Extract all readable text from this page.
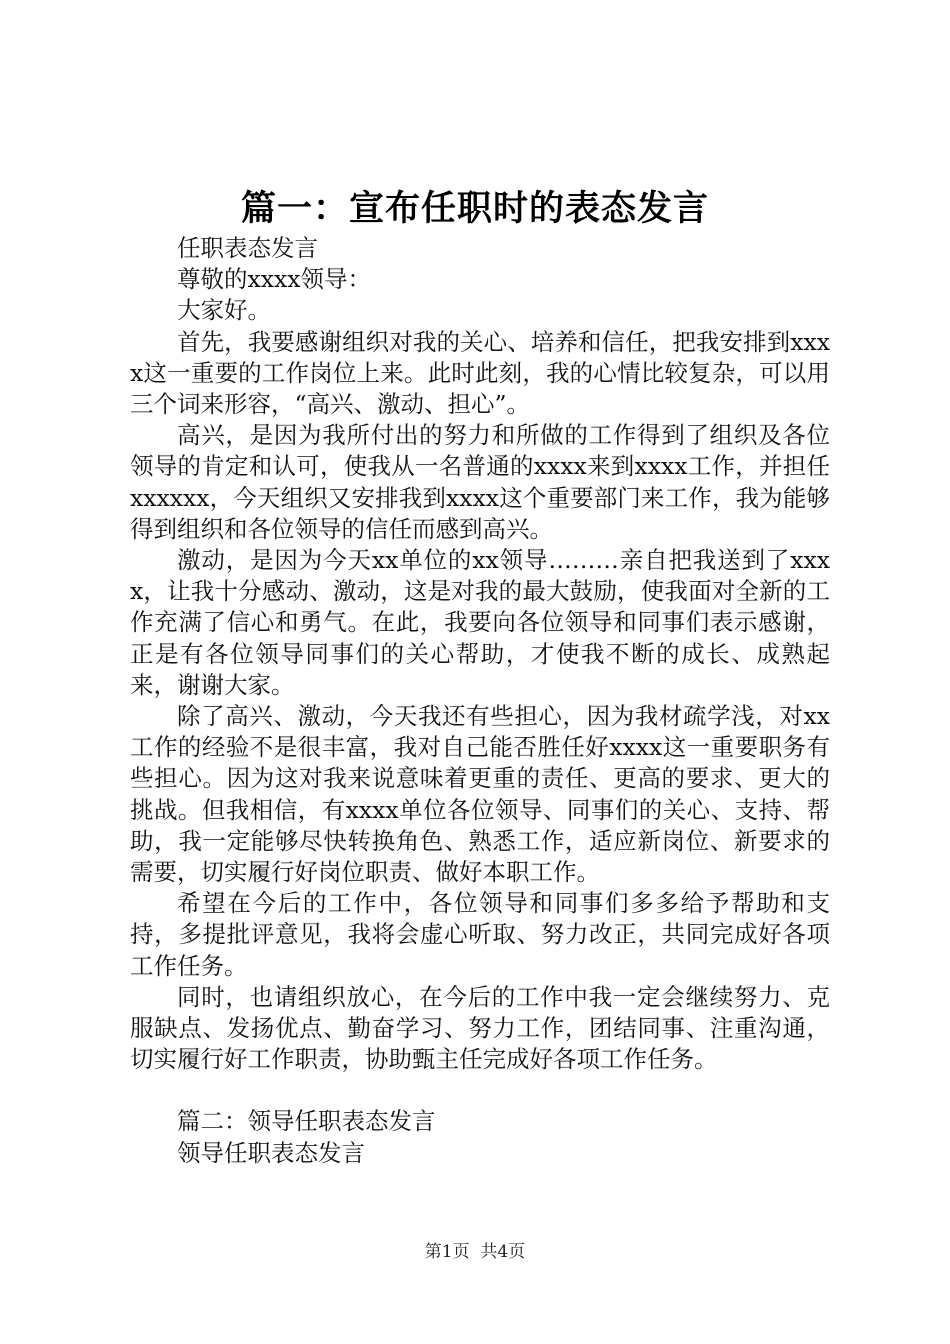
篇一：宣布任职时的表态发言

任职表态发言

尊敬的xxxx领导：

大家好。

首先，我要感谢组织对我的关心、培养和信任，把我安排到xxxx这一重要的工作岗位上来。此时此刻，我的心情比较复杂，可以用三个词来形容，“高兴、激动、担心”。

高兴，是因为我所付出的努力和所做的工作得到了组织及各位领导的肯定和认可，使我从一名普通的xxxx来到xxxx工作，并担任xxxxxx，今天组织又安排我到xxxx这个重要部门来工作，我为能够得到组织和各位领导的信任而感到高兴。

激动，是因为今天xx单位的xx领导………亲自把我送到了xxxx，让我十分感动、激动，这是对我的最大鼓励，使我面对全新的工作充满了信心和勇气。在此，我要向各位领导和同事们表示感谢，正是有各位领导同事们的关心帮助，才使我不断的成长、成熟起来，谢谢大家。

除了高兴、激动，今天我还有些担心，因为我材疏学浅，对xx工作的经验不是很丰富，我对自己能否胜任好xxxx这一重要职务有些担心。因为这对我来说意味着更重的责任、更高的要求、更大的挑战。但我相信，有xxxx单位各位领导、同事们的关心、支持、帮助，我一定能够尽快转换角色、熟悉工作，适应新岗位、新要求的需要，切实履行好岗位职责、做好本职工作。

希望在今后的工作中，各位领导和同事们多多给予帮助和支持，多提批评意见，我将会虚心听取、努力改正，共同完成好各项工作任务。

同时，也请组织放心，在今后的工作中我一定会继续努力、克服缺点、发扬优点、勤奋学习、努力工作，团结同事、注重沟通，切实履行好工作职责，协助甄主任完成好各项工作任务。

篇二：领导任职表态发言

领导任职表态发言

第1页 共4页
